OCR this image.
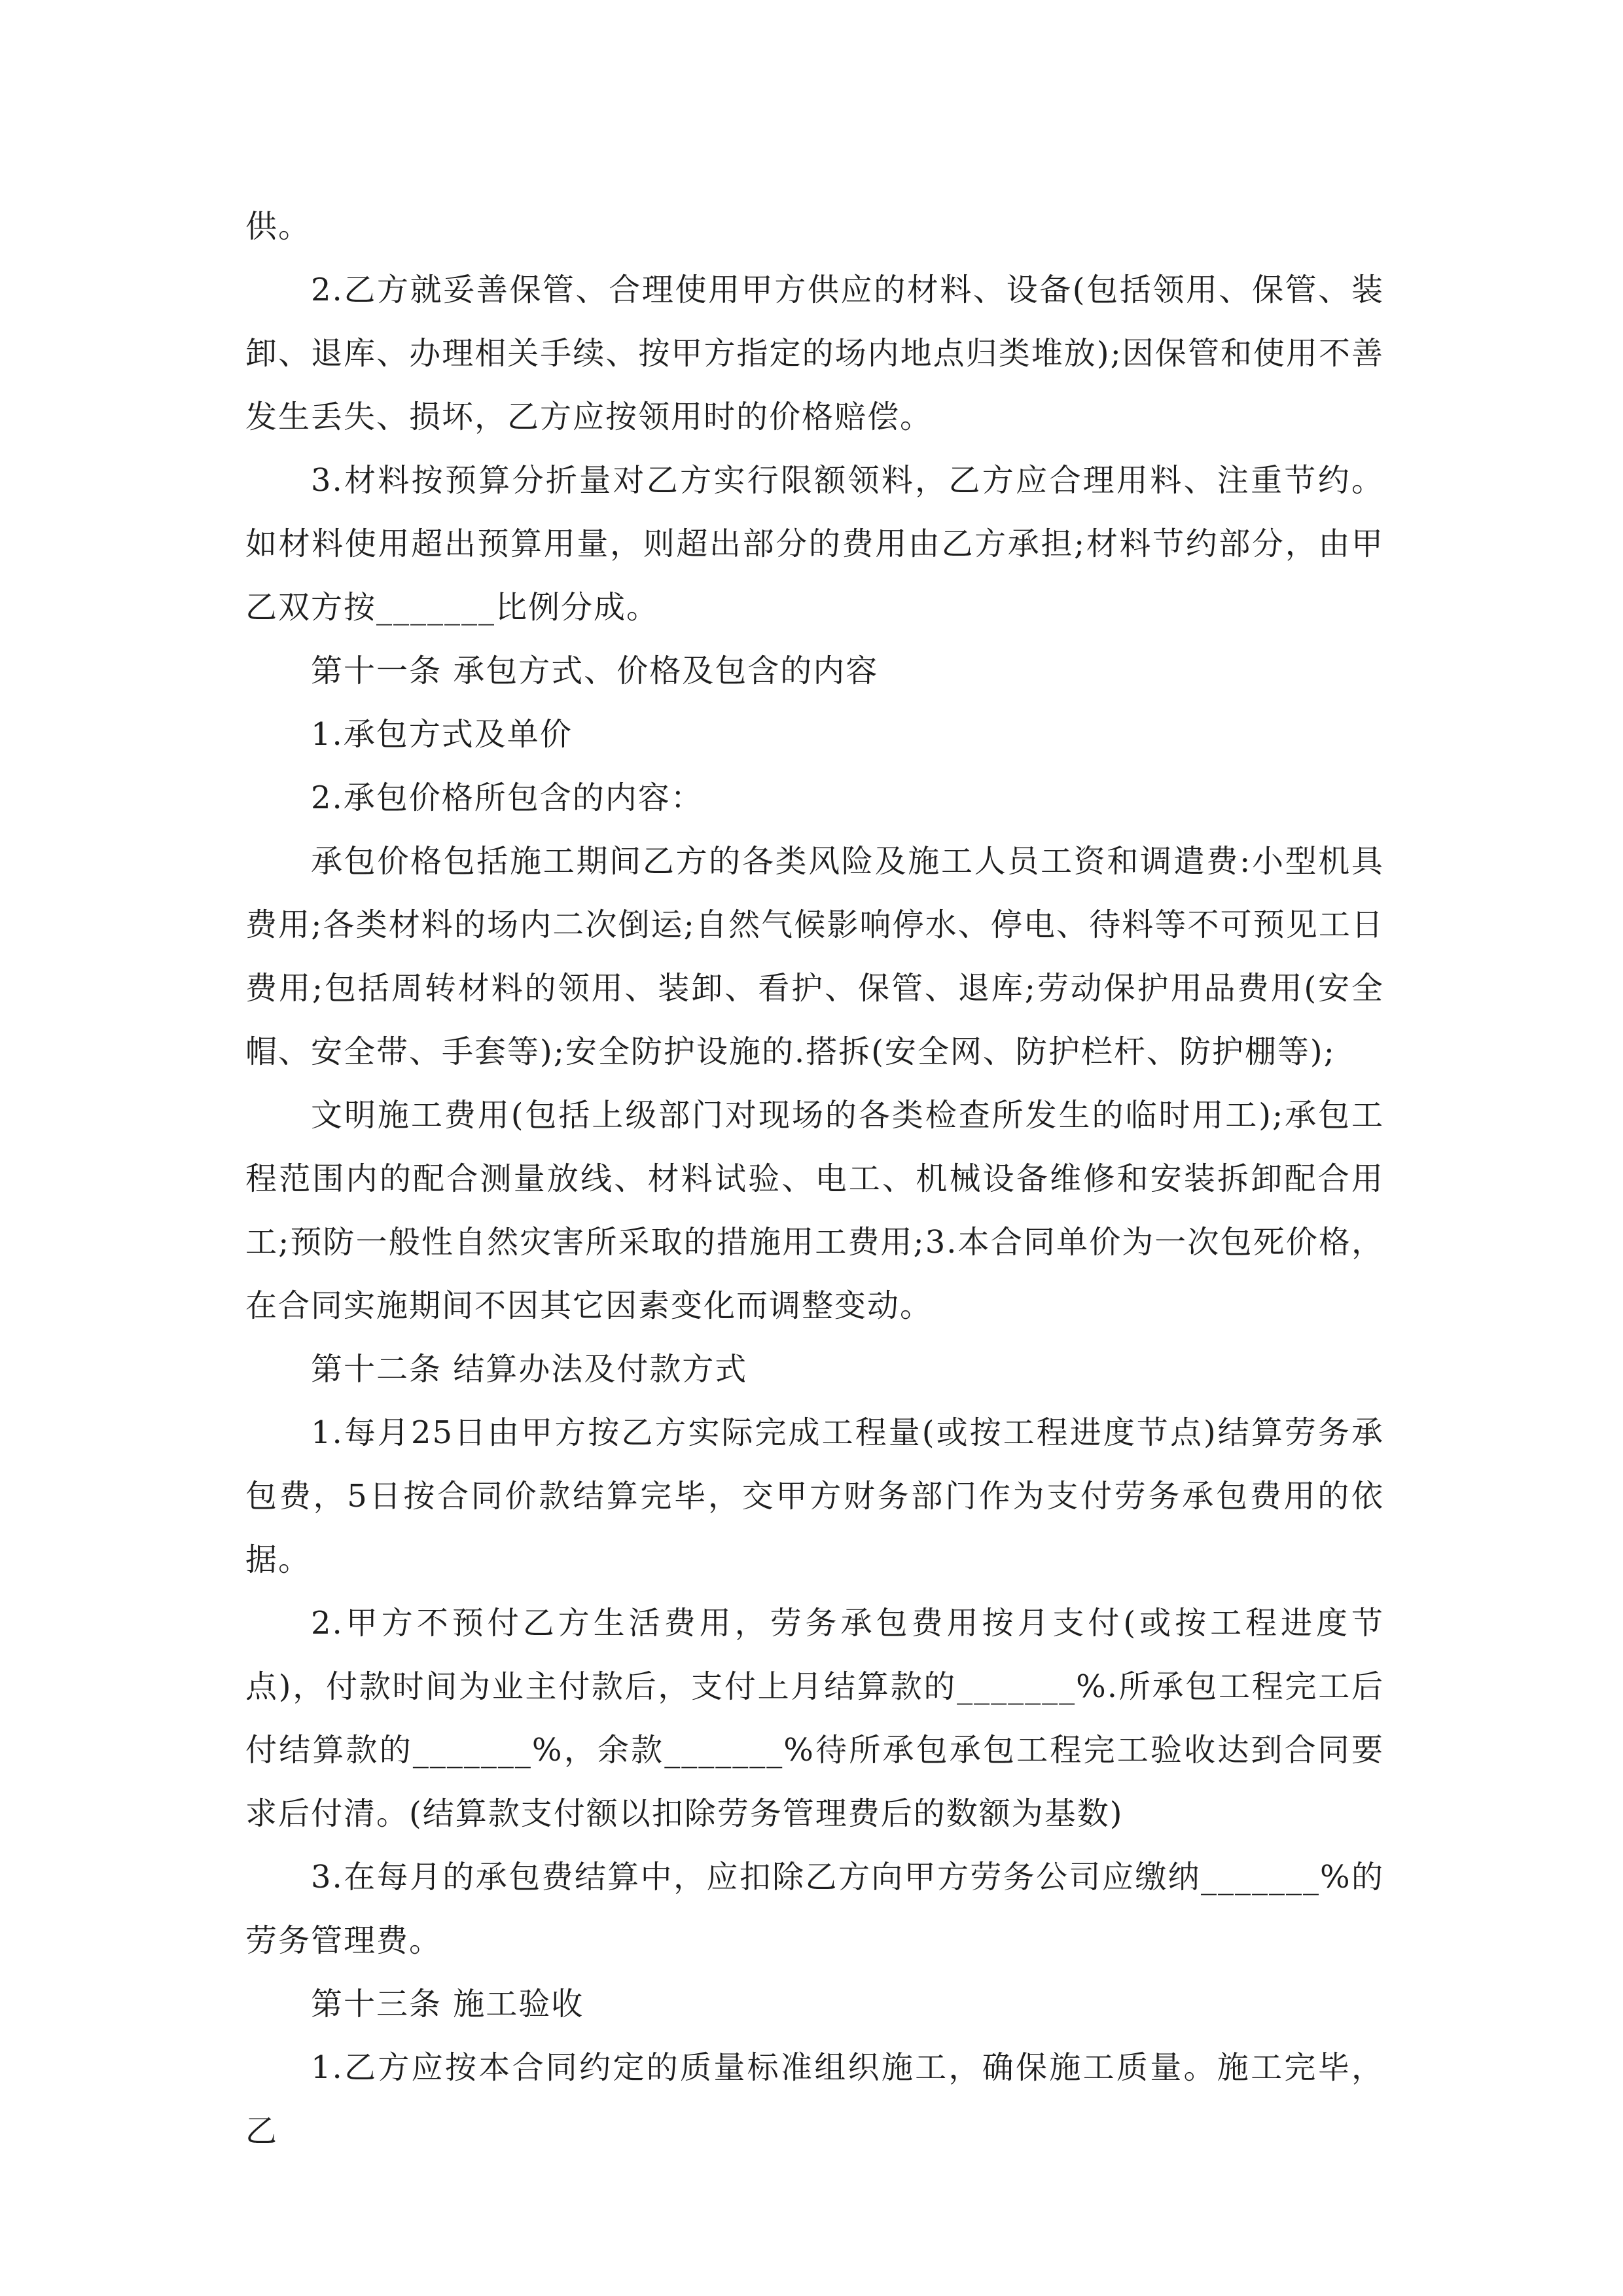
供。

2.乙方就妥善保管、合理使用甲方供应的材料、设备(包括领用、保管、装卸、退库、办理相关手续、按甲方指定的场内地点归类堆放);因保管和使用不善发生丢失、损坏，乙方应按领用时的价格赔偿。

3.材料按预算分折量对乙方实行限额领料，乙方应合理用料、注重节约。如材料使用超出预算用量，则超出部分的费用由乙方承担;材料节约部分，由甲乙双方按_______比例分成。

第十一条 承包方式、价格及包含的内容

1.承包方式及单价

2.承包价格所包含的内容：

承包价格包括施工期间乙方的各类风险及施工人员工资和调遣费:小型机具费用;各类材料的场内二次倒运;自然气候影响停水、停电、待料等不可预见工日费用;包括周转材料的领用、装卸、看护、保管、退库;劳动保护用品费用(安全帽、安全带、手套等);安全防护设施的.搭拆(安全网、防护栏杆、防护棚等);

文明施工费用(包括上级部门对现场的各类检查所发生的临时用工);承包工程范围内的配合测量放线、材料试验、电工、机械设备维修和安装拆卸配合用工;预防一般性自然灾害所采取的措施用工费用;3.本合同单价为一次包死价格，在合同实施期间不因其它因素变化而调整变动。

第十二条 结算办法及付款方式

1.每月25日由甲方按乙方实际完成工程量(或按工程进度节点)结算劳务承包费，5日按合同价款结算完毕，交甲方财务部门作为支付劳务承包费用的依据。

2.甲方不预付乙方生活费用，劳务承包费用按月支付(或按工程进度节点)，付款时间为业主付款后，支付上月结算款的_______%.所承包工程完工后付结算款的_______%，余款_______%待所承包承包工程完工验收达到合同要求后付清。(结算款支付额以扣除劳务管理费后的数额为基数)

3.在每月的承包费结算中，应扣除乙方向甲方劳务公司应缴纳_______%的劳务管理费。

第十三条 施工验收

1.乙方应按本合同约定的质量标准组织施工，确保施工质量。施工完毕，乙
